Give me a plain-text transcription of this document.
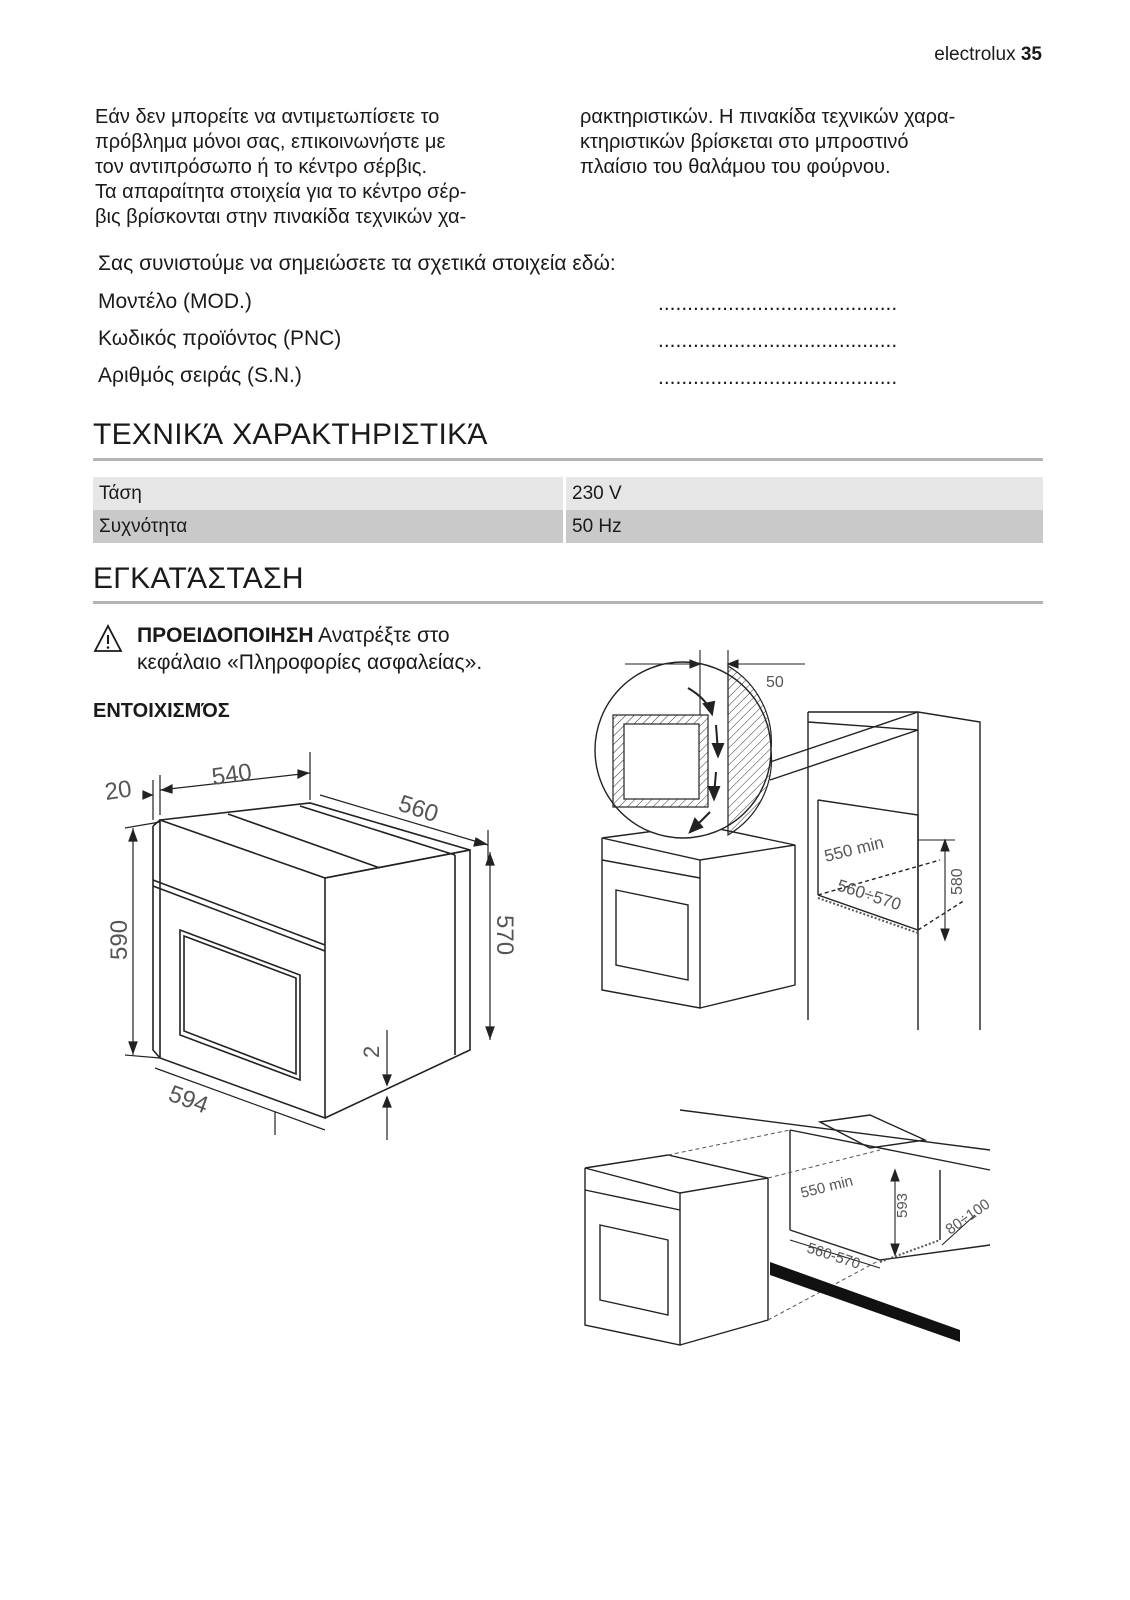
electrolux 35
Εάν δεν μπορείτε να αντιμετωπίσετε το
πρόβλημα μόνοι σας, επικοινωνήστε με
τον αντιπρόσωπο ή το κέντρο σέρβις.
Τα απαραίτητα στοιχεία για το κέντρο σέρ-
βις βρίσκονται στην πινακίδα τεχνικών χα-
ρακτηριστικών. Η πινακίδα τεχνικών χαρα-
κτηριστικών βρίσκεται στο μπροστινό
πλαίσιο του θαλάμου του φούρνου.
Σας συνιστούμε να σημειώσετε τα σχετικά στοιχεία εδώ:
Μοντέλο (MOD.)	.........................................
Κωδικός προϊόντος (PNC)	.........................................
Αριθμός σειράς (S.N.)	.........................................
ΤΕΧΝΙΚΆ ΧΑΡΑΚΤΗΡΙΣΤΙΚΆ
Τάση	230 V
Συχνότητα	50 Hz
ΕΓΚΑΤΆΣΤΑΣΗ
ΠΡΟΕΙΔΟΠΟΙΗΣΗ Ανατρέξτε στο
κεφάλαιο «Πληροφορίες ασφαλείας».
ΕΝΤΟΙΧΙΣΜΌΣ
20	540
560
590	570
2
594
50
550 min
560÷570	580
550 min
593 80÷100
560-570
